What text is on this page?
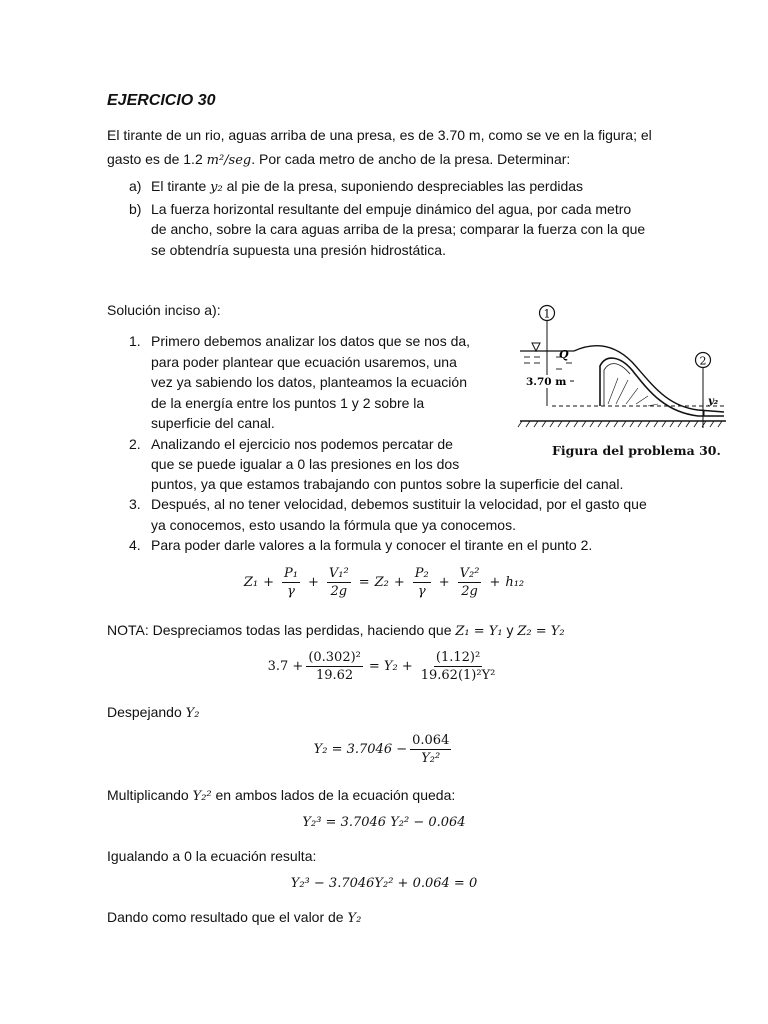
EJERCICIO 30
El tirante de un rio, aguas arriba de una presa, es de 3.70 m, como se ve en la figura; el
gasto es de 1.2 m²/seg. Por cada metro de ancho de la presa. Determinar:
a) El tirante y₂ al pie de la presa, suponiendo despreciables las perdidas
b) La fuerza horizontal resultante del empuje dinámico del agua, por cada metro
de ancho, sobre la cara aguas arriba de la presa; comparar la fuerza con la que
se obtendría supuesta una presión hidrostática.
Solución inciso a):
1. Primero debemos analizar los datos que se nos da,
para poder plantear que ecuación usaremos, una
vez ya sabiendo los datos, planteamos la ecuación
de la energía entre los puntos 1 y 2 sobre la
superficie del canal.
2. Analizando el ejercicio nos podemos percatar de
que se puede igualar a 0 las presiones en los dos
puntos, ya que estamos trabajando con puntos sobre la superficie del canal.
3. Después, al no tener velocidad, debemos sustituir la velocidad, por el gasto que
ya conocemos, esto usando la fórmula que ya conocemos.
4. Para poder darle valores a la formula y conocer el tirante en el punto 2.
1
2
3.70 m
Q
y₂
Figura del problema 30.
$Z_1 + \frac{\text{P₁}}{\gamma} + \frac{\text{V₁²}}{2g} = Z_2 + \frac{\text{P₂}}{\gamma} + \frac{\text{V₂²}}{2g} + h_{12}$
NOTA: Despreciamos todas las perdidas, haciendo que Z₁ = Y₁ y Z₂ = Y₂
$3.7 + \frac{\text{(0.302)²}}{19.62} = Y_2 + \frac{\text{(1.12)²}}{\text{19.62(1)²Y²}}$
Despejando Y₂
$Y_2 = 3.7046 - \frac{0.064}{\text{Y₂²}}$
Multiplicando Y₂² en ambos lados de la ecuación queda:
Y₂³ = 3.7046 Y₂² − 0.064
Igualando a 0 la ecuación resulta:
Y₂³ − 3.7046Y₂² + 0.064 = 0
Dando como resultado que el valor de Y₂
